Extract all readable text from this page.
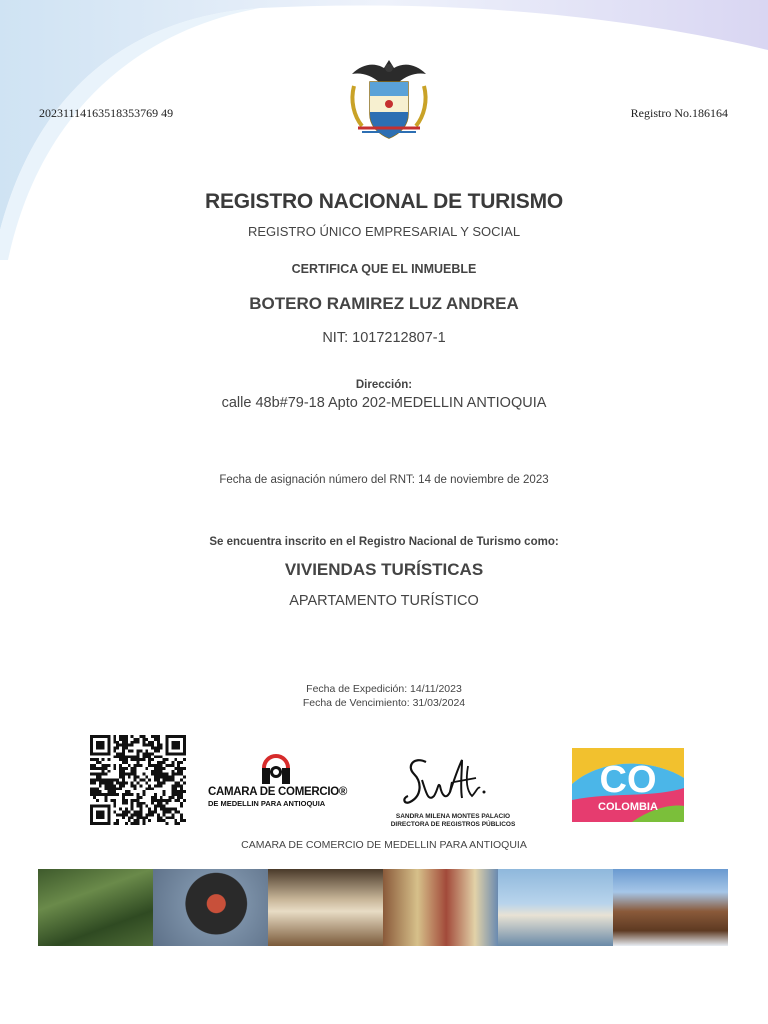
20231114163518353769 49	Registro No.186164
REGISTRO NACIONAL DE TURISMO
REGISTRO ÚNICO EMPRESARIAL Y SOCIAL
CERTIFICA QUE EL INMUEBLE
BOTERO RAMIREZ LUZ ANDREA
NIT: 1017212807-1
Dirección:
calle 48b#79-18 Apto 202-MEDELLIN ANTIOQUIA
Fecha de asignación número del RNT: 14 de noviembre de 2023
Se encuentra inscrito en el Registro Nacional de Turismo como:
VIVIENDAS TURÍSTICAS
APARTAMENTO TURÍSTICO
Fecha de Expedición: 14/11/2023
Fecha de Vencimiento: 31/03/2024
CAMARA DE COMERCIO®
DE MEDELLIN PARA ANTIOQUIA
SANDRA MILENA MONTES PALACIO
DIRECTORA DE REGISTROS PÚBLICOS
CO
COLOMBIA
CAMARA DE COMERCIO DE MEDELLIN PARA ANTIOQUIA
